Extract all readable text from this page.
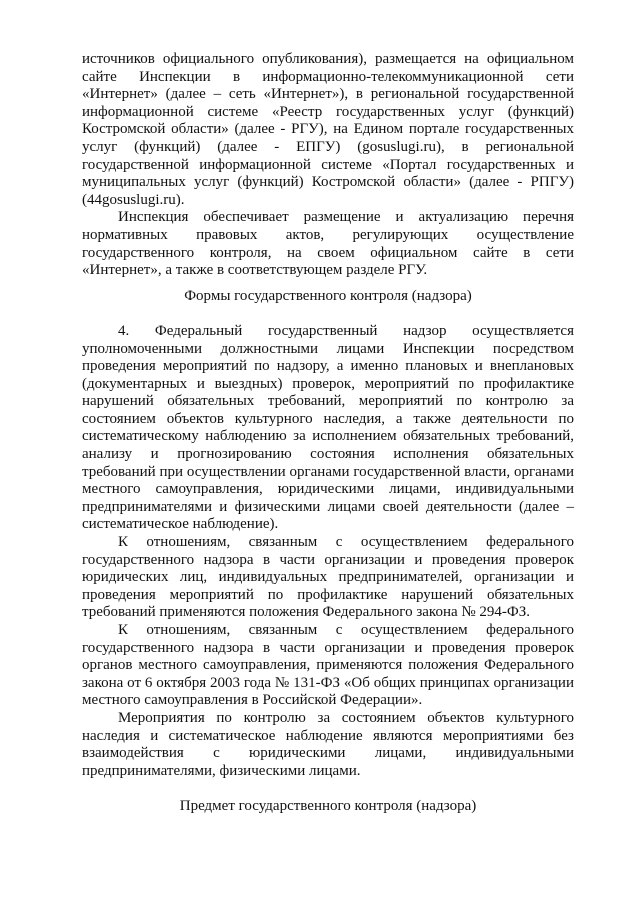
источников официального опубликования), размещается на официальном сайте Инспекции в информационно-телекоммуникационной сети «Интернет» (далее – сеть «Интернет»), в региональной государственной информационной системе «Реестр государственных услуг (функций) Костромской области» (далее - РГУ), на Едином портале государственных услуг (функций) (далее - ЕПГУ) (gosuslugi.ru), в региональной государственной информационной системе «Портал государственных и муниципальных услуг (функций) Костромской области» (далее - РПГУ) (44gosuslugi.ru).

Инспекция обеспечивает размещение и актуализацию перечня нормативных правовых актов, регулирующих осуществление государственного контроля, на своем официальном сайте в сети «Интернет», а также в соответствующем разделе РГУ.

Формы государственного контроля (надзора)

4. Федеральный государственный надзор осуществляется уполномоченными должностными лицами Инспекции посредством проведения мероприятий по надзору, а именно плановых и внеплановых (документарных и выездных) проверок, мероприятий по профилактике нарушений обязательных требований, мероприятий по контролю за состоянием объектов культурного наследия, а также деятельности по систематическому наблюдению за исполнением обязательных требований, анализу и прогнозированию состояния исполнения обязательных требований при осуществлении органами государственной власти, органами местного самоуправления, юридическими лицами, индивидуальными предпринимателями и физическими лицами своей деятельности (далее – систематическое наблюдение).

К отношениям, связанным с осуществлением федерального государственного надзора в части организации и проведения проверок юридических лиц, индивидуальных предпринимателей, организации и проведения мероприятий по профилактике нарушений обязательных требований применяются положения Федерального закона № 294-ФЗ.

К отношениям, связанным с осуществлением федерального государственного надзора в части организации и проведения проверок органов местного самоуправления, применяются положения Федерального закона от 6 октября 2003 года № 131-ФЗ «Об общих принципах организации местного самоуправления в Российской Федерации».

Мероприятия по контролю за состоянием объектов культурного наследия и систематическое наблюдение являются мероприятиями без взаимодействия с юридическими лицами, индивидуальными предпринимателями, физическими лицами.

Предмет государственного контроля (надзора)
